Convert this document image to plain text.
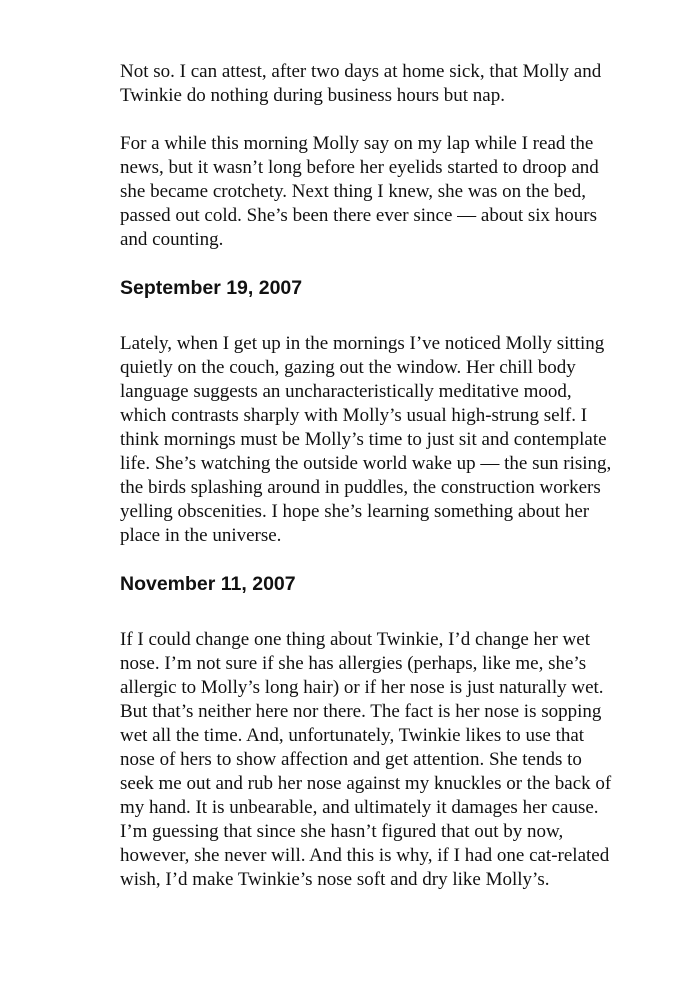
Not so. I can attest, after two days at home sick, that Molly and
Twinkie do nothing during business hours but nap.

For a while this morning Molly say on my lap while I read the
news, but it wasn’t long before her eyelids started to droop and
she became crotchety. Next thing I knew, she was on the bed,
passed out cold. She’s been there ever since — about six hours
and counting.

September 19, 2007

Lately, when I get up in the mornings I’ve noticed Molly sitting
quietly on the couch, gazing out the window. Her chill body
language suggests an uncharacteristically meditative mood,
which contrasts sharply with Molly’s usual high-strung self. I
think mornings must be Molly’s time to just sit and contemplate
life. She’s watching the outside world wake up — the sun rising,
the birds splashing around in puddles, the construction workers
yelling obscenities. I hope she’s learning something about her
place in the universe.

November 11, 2007

If I could change one thing about Twinkie, I’d change her wet
nose. I’m not sure if she has allergies (perhaps, like me, she’s
allergic to Molly’s long hair) or if her nose is just naturally wet.
But that’s neither here nor there. The fact is her nose is sopping
wet all the time. And, unfortunately, Twinkie likes to use that
nose of hers to show affection and get attention. She tends to
seek me out and rub her nose against my knuckles or the back of
my hand. It is unbearable, and ultimately it damages her cause.
I’m guessing that since she hasn’t figured that out by now,
however, she never will. And this is why, if I had one cat-related
wish, I’d make Twinkie’s nose soft and dry like Molly’s.
